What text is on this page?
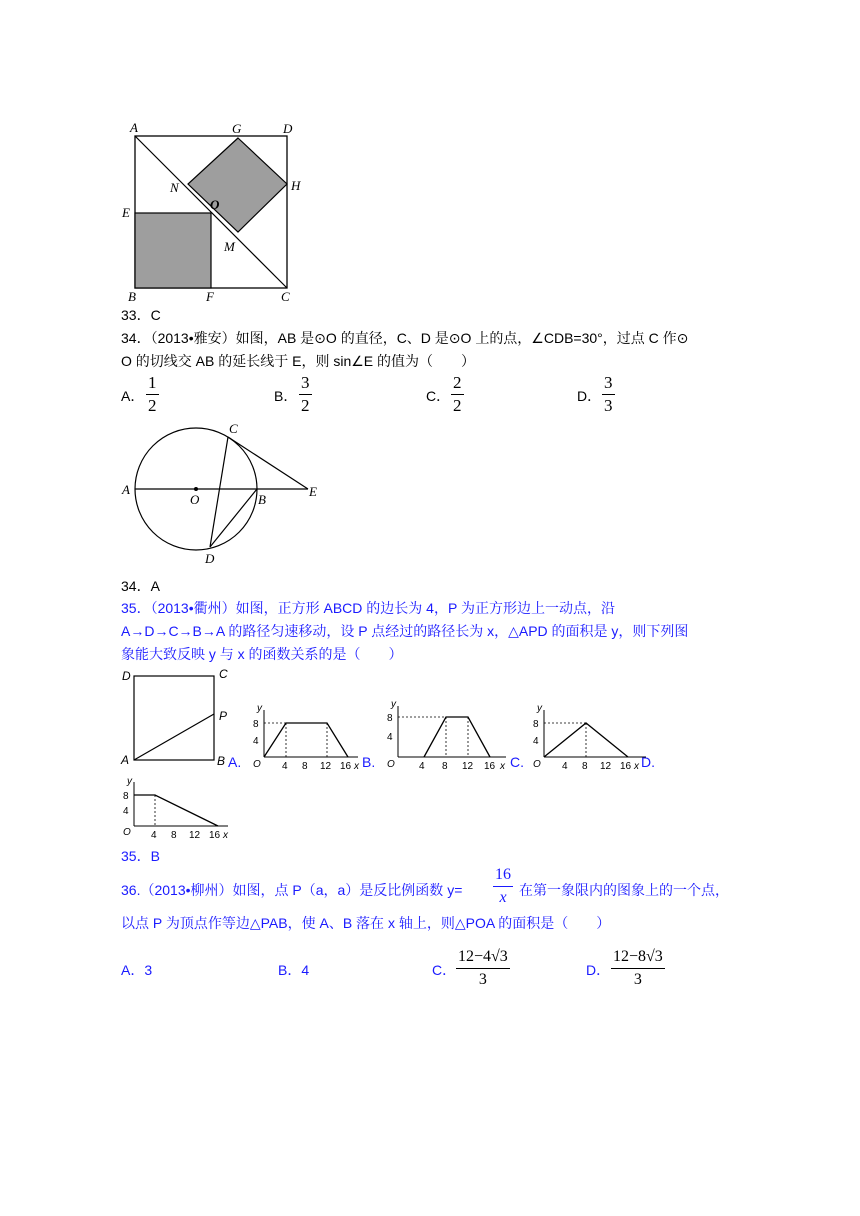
A	G	D
N	H
O
E
M
B	F	C
33．C
34．（2013•雅安）如图，AB 是⊙O 的直径，C、D 是⊙O 上的点，∠CDB=30°，过点 C 作⊙
O 的切线交 AB 的延长线于 E，则 sin∠E 的值为（　　）
A． $\frac{1}{2}$	B． $\frac{3}{2}$	C． $\frac{2}{2}$	D． $\frac{3}{3}$
A
O	B
C
D
E
34．A
35．（2013•衢州）如图，正方形 ABCD 的边长为 4，P 为正方形边上一动点，沿
A→D→C→B→A 的路径匀速移动，设 P 点经过的路径长为 x，△APD 的面积是 y，则下列图
象能大致反映 y 与 x 的函数关系的是（　　）
D	C
P
A	B A.
y
8
4
O 4 8 12 16 x B.
y
8
4
O 4 8 12 16 x C.
y
8
4
O 4 8 12 16 x D.
y
8
4
O 4 8 12 16 x
35．B
36.（2013•柳州）如图，点 P（a，a）是反比例函数 $y= \frac{16}{x}$ 在第一象限内的图象上的一个点，
以点 P 为顶点作等边△PAB，使 A、B 落在 x 轴上，则△POA 的面积是（　　）
A．3	B．4	C． $\frac{12-4√3}{3}$	D． $\frac{12-8√3}{3}$
